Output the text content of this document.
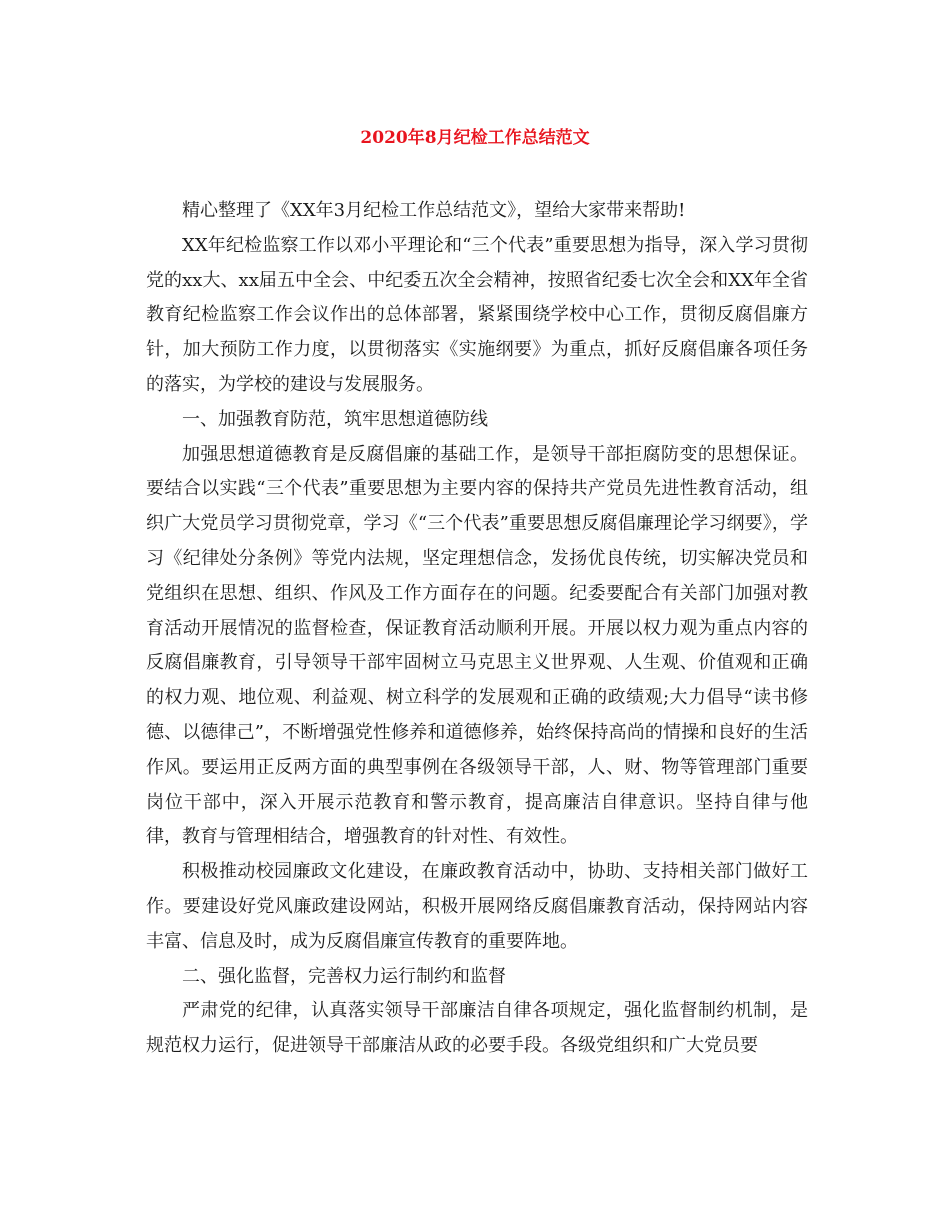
2020年8月纪检工作总结范文

精心整理了《XX年3月纪检工作总结范文》，望给大家带来帮助!

XX年纪检监察工作以邓小平理论和“三个代表”重要思想为指导，深入学习贯彻党的xx大、xx届五中全会、中纪委五次全会精神，按照省纪委七次全会和XX年全省教育纪检监察工作会议作出的总体部署，紧紧围绕学校中心工作，贯彻反腐倡廉方针，加大预防工作力度，以贯彻落实《实施纲要》为重点，抓好反腐倡廉各项任务的落实，为学校的建设与发展服务。

一、加强教育防范，筑牢思想道德防线

加强思想道德教育是反腐倡廉的基础工作，是领导干部拒腐防变的思想保证。要结合以实践“三个代表”重要思想为主要内容的保持共产党员先进性教育活动，组织广大党员学习贯彻党章，学习《“三个代表”重要思想反腐倡廉理论学习纲要》，学习《纪律处分条例》等党内法规，坚定理想信念，发扬优良传统，切实解决党员和党组织在思想、组织、作风及工作方面存在的问题。纪委要配合有关部门加强对教育活动开展情况的监督检查，保证教育活动顺利开展。开展以权力观为重点内容的反腐倡廉教育，引导领导干部牢固树立马克思主义世界观、人生观、价值观和正确的权力观、地位观、利益观、树立科学的发展观和正确的政绩观;大力倡导“读书修德、以德律己”，不断增强党性修养和道德修养，始终保持高尚的情操和良好的生活作风。要运用正反两方面的典型事例在各级领导干部，人、财、物等管理部门重要岗位干部中，深入开展示范教育和警示教育，提高廉洁自律意识。坚持自律与他律，教育与管理相结合，增强教育的针对性、有效性。

积极推动校园廉政文化建设，在廉政教育活动中，协助、支持相关部门做好工作。要建设好党风廉政建设网站，积极开展网络反腐倡廉教育活动，保持网站内容丰富、信息及时，成为反腐倡廉宣传教育的重要阵地。

二、强化监督，完善权力运行制约和监督

严肃党的纪律，认真落实领导干部廉洁自律各项规定，强化监督制约机制，是规范权力运行，促进领导干部廉洁从政的必要手段。各级党组织和广大党员要
